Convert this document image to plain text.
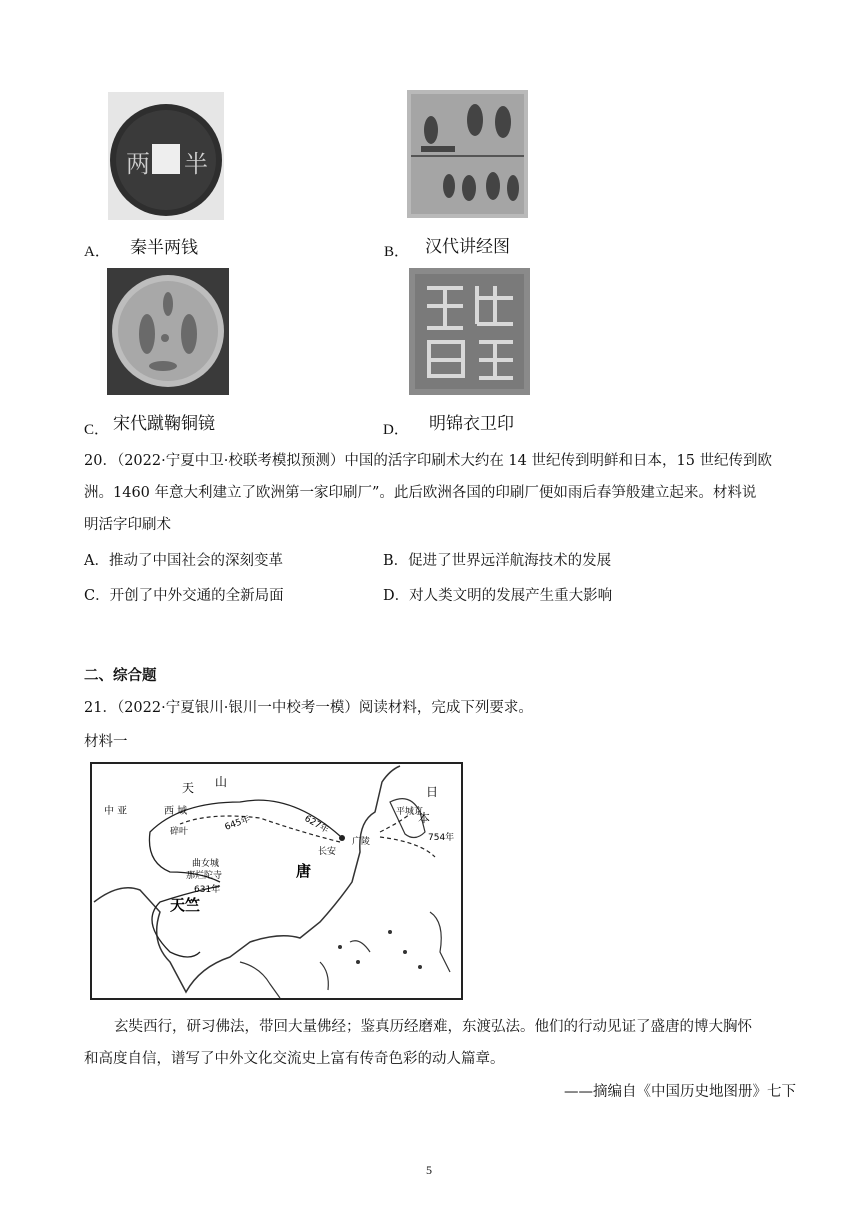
两 半
A． 秦半两钱	B． 汉代讲经图
C． 宋代蹴鞠铜镜	D． 明锦衣卫印
20．（2022·宁夏中卫·校联考模拟预测）中国的活字印刷术大约在 14 世纪传到明鲜和日本，15 世纪传到欧
洲。1460 年意大利建立了欧洲第一家印刷厂”。此后欧洲各国的印刷厂便如雨后春笋般建立起来。材料说
明活字印刷术
A．推动了中国社会的深刻变革	B．促进了世界远洋航海技术的发展
C．开创了中外交通的全新局面	D．对人类文明的发展产生重大影响
二、综合题
21．（2022·宁夏银川·银川一中校考一模）阅读材料，完成下列要求。
材料一
天 山
中 亚	西 域
碎叶	645年	627年
长安
广陵
平城京
日
本
754年
曲女城
那烂陀寺
631年
天竺
唐
玄奘西行，研习佛法，带回大量佛经；鉴真历经磨难，东渡弘法。他们的行动见证了盛唐的博大胸怀
和高度自信，谱写了中外文化交流史上富有传奇色彩的动人篇章。
——摘编自《中国历史地图册》七下
5
